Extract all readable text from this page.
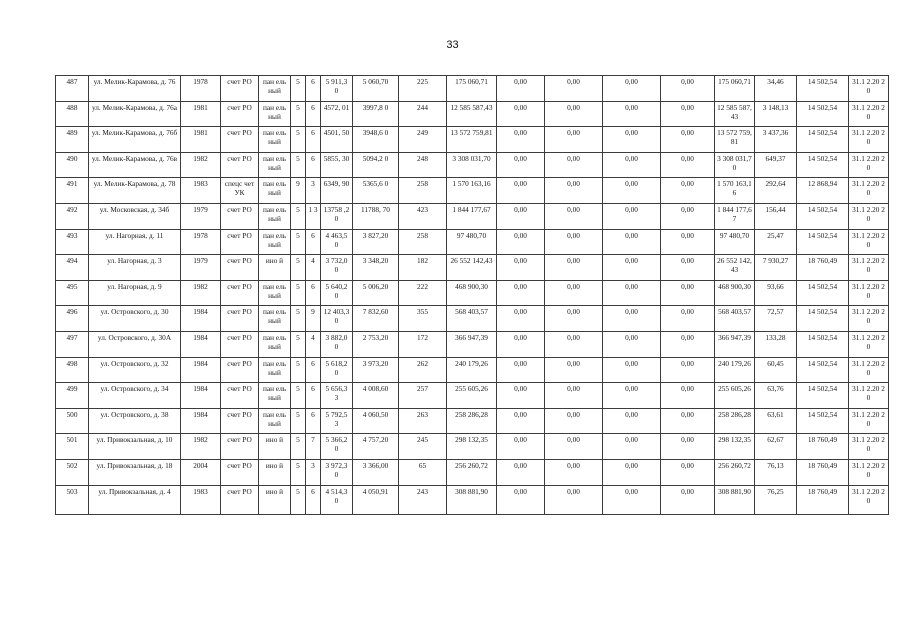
33
487	ул. Мелик-Карамова, д. 76	1978	счет РО	пан ель ный	5	6	5 911,3 0	5 060,70	225	175 060,71	0,00	0,00	0,00	0,00	175 060,71	34,46	14 502,54	31.1 2.20 20
488	ул. Мелик-Карамова, д. 76а	1981	счет РО	пан ель ный	5	6	4572, 01	3997,8 0	244	12 585 587,43	0,00	0,00	0,00	0,00	12 585 587,43	3 148,13	14 502,54	31.1 2.20 20
489	ул. Мелик-Карамова, д. 76б	1981	счет РО	пан ель ный	5	6	4501, 50	3948,6 0	249	13 572 759,81	0,00	0,00	0,00	0,00	13 572 759,81	3 437,36	14 502,54	31.1 2.20 20
490	ул. Мелик-Карамова, д. 76в	1982	счет РО	пан ель ный	5	6	5855, 30	5094,2 0	248	3 308 031,70	0,00	0,00	0,00	0,00	3 308 031,70	649,37	14 502,54	31.1 2.20 20
491	ул. Мелик-Карамова, д. 78	1983	спецс чет УК	пан ель ный	9	3	6349, 90	5365,6 0	258	1 570 163,16	0,00	0,00	0,00	0,00	1 570 163,16	292,64	12 868,94	31.1 2.20 20
492	ул. Московская, д. 34б	1979	счет РО	пан ель ный	5	1 3	13758 ,20	11788, 70	423	1 844 177,67	0,00	0,00	0,00	0,00	1 844 177,67	156,44	14 502,54	31.1 2.20 20
493	ул. Нагорная, д. 11	1978	счет РО	пан ель ный	5	6	4 463,5 0	3 827,20	258	97 480,70	0,00	0,00	0,00	0,00	97 480,70	25,47	14 502,54	31.1 2.20 20
494	ул. Нагорная, д. 3	1979	счет РО	ино й	5	4	3 732,0 0	3 348,20	182	26 552 142,43	0,00	0,00	0,00	0,00	26 552 142,43	7 930,27	18 760,49	31.1 2.20 20
495	ул. Нагорная, д. 9	1982	счет РО	пан ель ный	5	6	5 640,2 0	5 006,20	222	468 900,30	0,00	0,00	0,00	0,00	468 900,30	93,66	14 502,54	31.1 2.20 20
496	ул. Островского, д. 30	1984	счет РО	пан ель ный	5	9	12 403,3 0	7 832,60	355	568 403,57	0,00	0,00	0,00	0,00	568 403,57	72,57	14 502,54	31.1 2.20 20
497	ул. Островского, д. 30А	1984	счет РО	пан ель ный	5	4	3 882,0 0	2 753,20	172	366 947,39	0,00	0,00	0,00	0,00	366 947,39	133,28	14 502,54	31.1 2.20 20
498	ул. Островского, д. 32	1984	счет РО	пан ель ный	5	6	5 618,2 0	3 973,20	262	240 179,26	0,00	0,00	0,00	0,00	240 179,26	60,45	14 502,54	31.1 2.20 20
499	ул. Островского, д. 34	1984	счет РО	пан ель ный	5	6	5 656,3 3	4 008,60	257	255 605,26	0,00	0,00	0,00	0,00	255 605,26	63,76	14 502,54	31.1 2.20 20
500	ул. Островского, д. 38	1984	счет РО	пан ель ный	5	6	5 792,5 3	4 060,50	263	258 286,28	0,00	0,00	0,00	0,00	258 286,28	63,61	14 502,54	31.1 2.20 20
501	ул. Привокзальная, д. 10	1982	счет РО	ино й	5	7	5 366,2 0	4 757,20	245	298 132,35	0,00	0,00	0,00	0,00	298 132,35	62,67	18 760,49	31.1 2.20 20
502	ул. Привокзальная, д. 18	2004	счет РО	ино й	5	3	3 972,3 0	3 366,00	65	256 260,72	0,00	0,00	0,00	0,00	256 260,72	76,13	18 760,49	31.1 2.20 20
503	ул. Привокзальная, д. 4	1983	счет РО	ино й	5	6	4 514,3 0	4 050,91	243	308 881,90	0,00	0,00	0,00	0,00	308 881,90	76,25	18 760,49	31.1 2.20 20
